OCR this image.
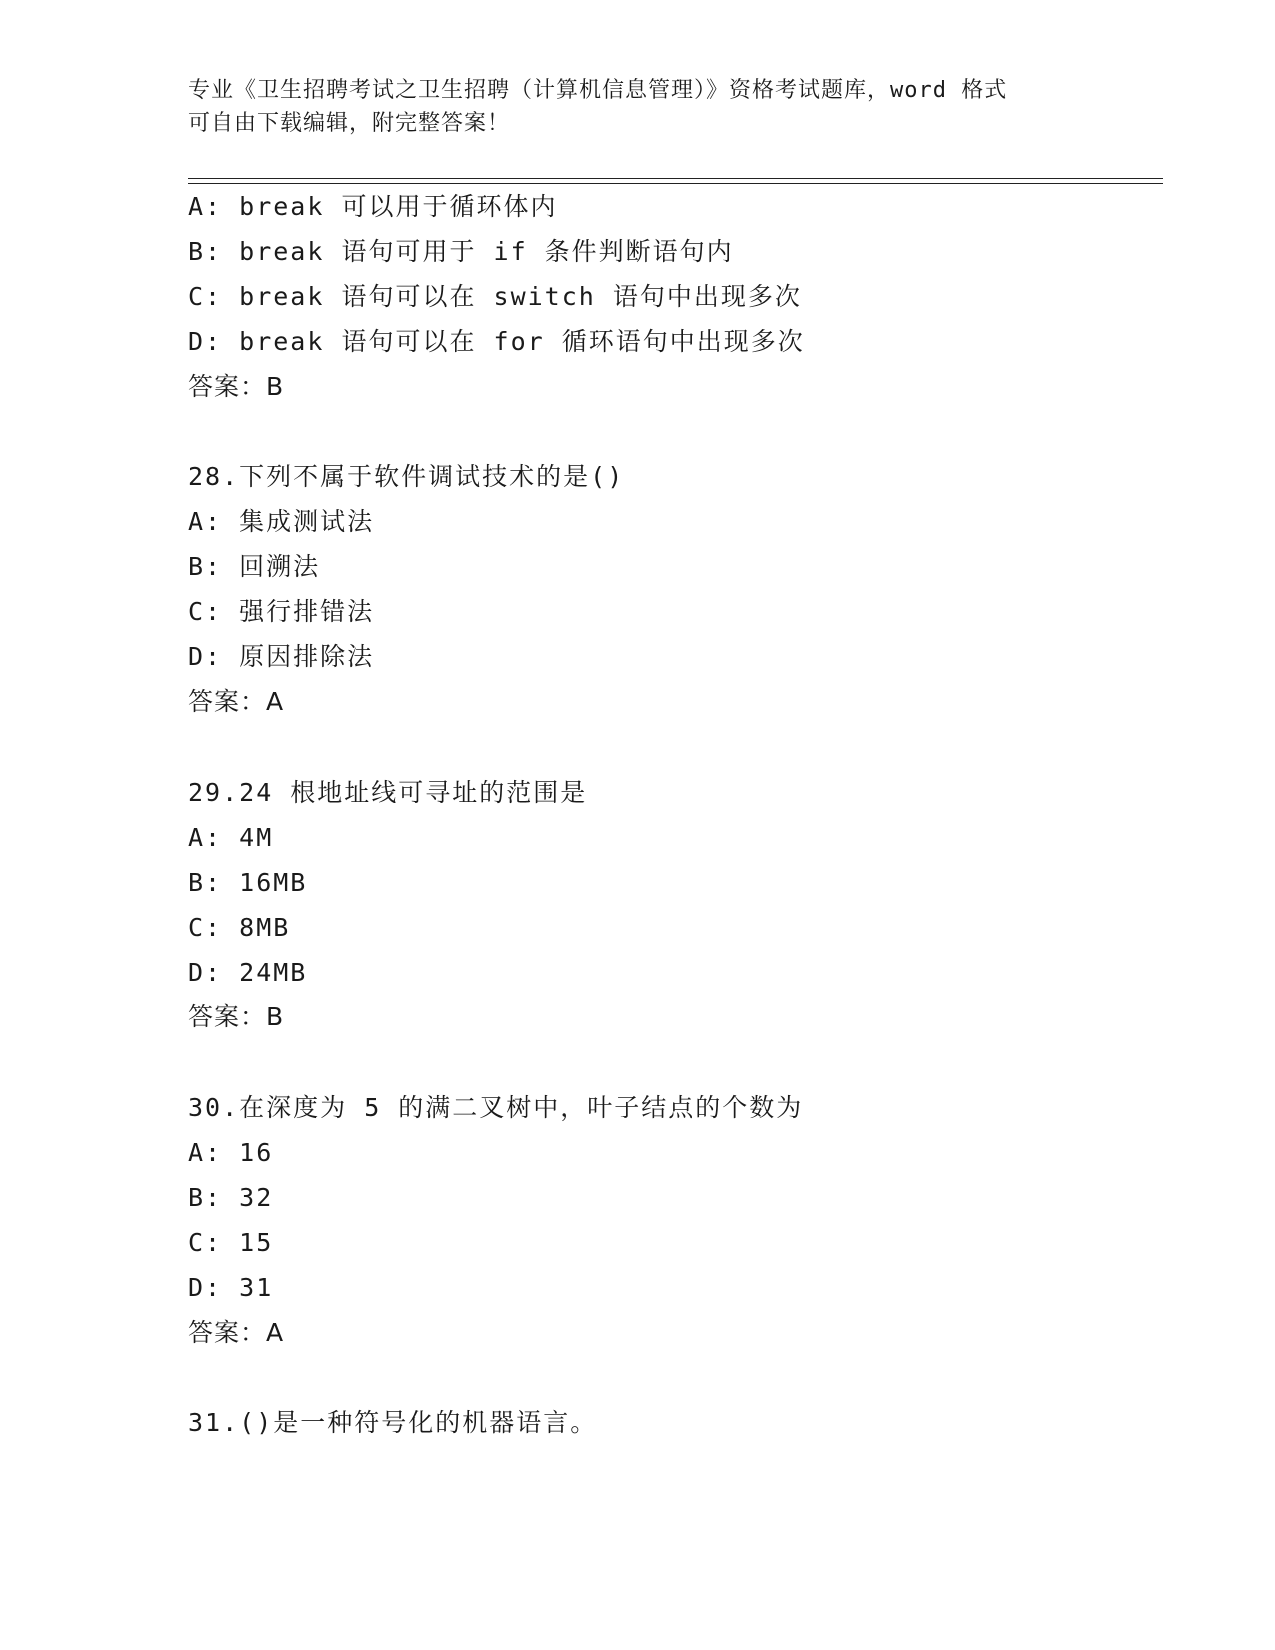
专业《卫生招聘考试之卫生招聘（计算机信息管理）》资格考试题库，word 格式
可自由下载编辑，附完整答案！
A: break 可以用于循环体内
B: break 语句可用于 if 条件判断语句内
C: break 语句可以在 switch 语句中出现多次
D: break 语句可以在 for 循环语句中出现多次
答案：B
28.下列不属于软件调试技术的是()
A: 集成测试法
B: 回溯法
C: 强行排错法
D: 原因排除法
答案：A
29.24 根地址线可寻址的范围是
A: 4M
B: 16MB
C: 8MB
D: 24MB
答案：B
30.在深度为 5 的满二叉树中，叶子结点的个数为
A: 16
B: 32
C: 15
D: 31
答案：A
31.()是一种符号化的机器语言。
